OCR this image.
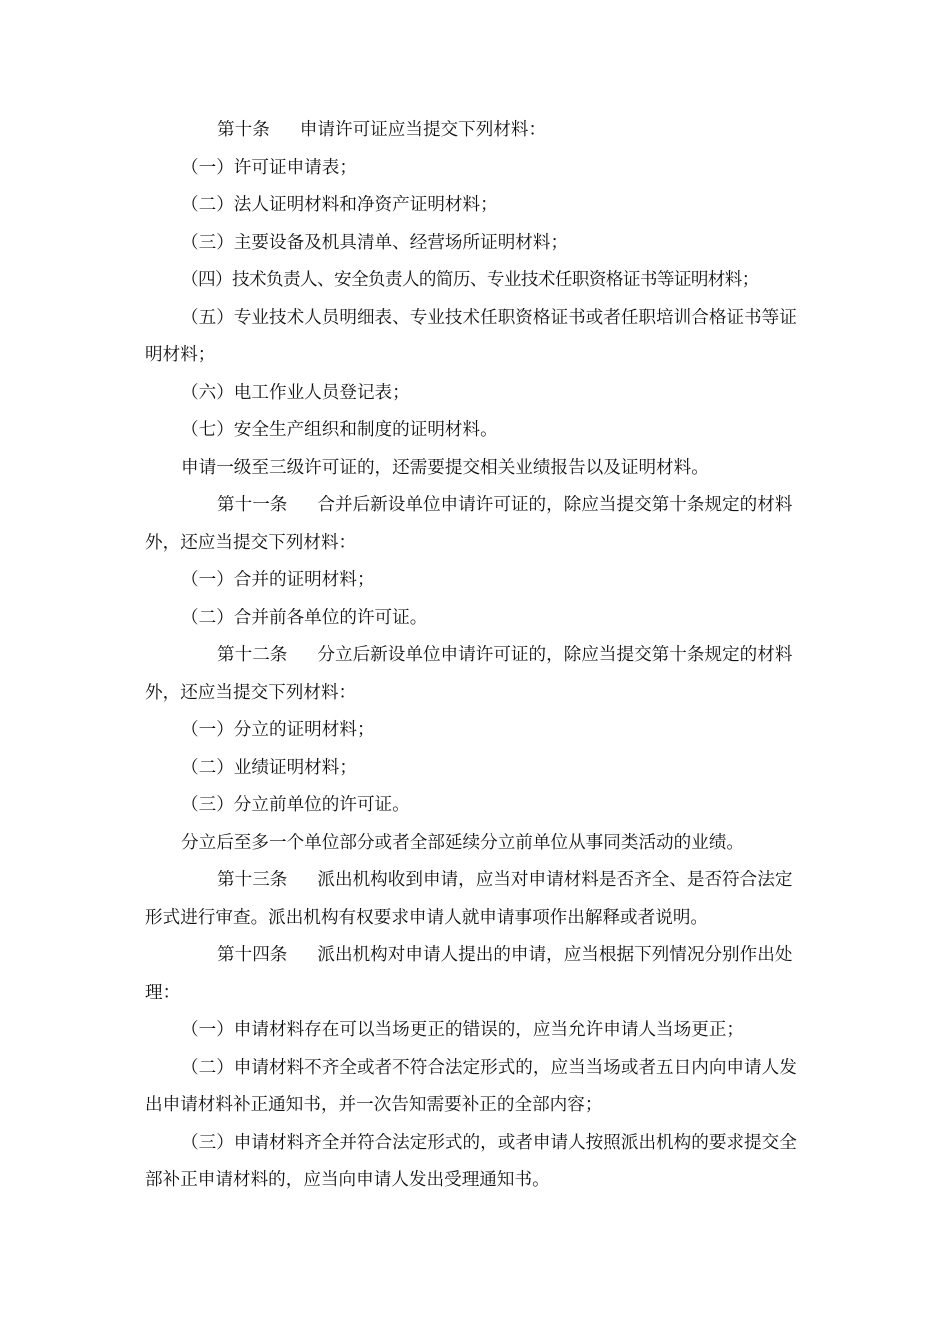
第十条 申请许可证应当提交下列材料：

（一）许可证申请表；

（二）法人证明材料和净资产证明材料；

（三）主要设备及机具清单、经营场所证明材料；

（四）技术负责人、安全负责人的简历、专业技术任职资格证书等证明材料；

（五）专业技术人员明细表、专业技术任职资格证书或者任职培训合格证书等证明材料；

（六）电工作业人员登记表；

（七）安全生产组织和制度的证明材料。

申请一级至三级许可证的，还需要提交相关业绩报告以及证明材料。

第十一条 合并后新设单位申请许可证的，除应当提交第十条规定的材料外，还应当提交下列材料：

（一）合并的证明材料；

（二）合并前各单位的许可证。

第十二条 分立后新设单位申请许可证的，除应当提交第十条规定的材料外，还应当提交下列材料：

（一）分立的证明材料；

（二）业绩证明材料；

（三）分立前单位的许可证。

分立后至多一个单位部分或者全部延续分立前单位从事同类活动的业绩。

第十三条 派出机构收到申请，应当对申请材料是否齐全、是否符合法定形式进行审查。派出机构有权要求申请人就申请事项作出解释或者说明。

第十四条 派出机构对申请人提出的申请，应当根据下列情况分别作出处理：

（一）申请材料存在可以当场更正的错误的，应当允许申请人当场更正；

（二）申请材料不齐全或者不符合法定形式的，应当当场或者五日内向申请人发出申请材料补正通知书，并一次告知需要补正的全部内容；

（三）申请材料齐全并符合法定形式的，或者申请人按照派出机构的要求提交全部补正申请材料的，应当向申请人发出受理通知书。
